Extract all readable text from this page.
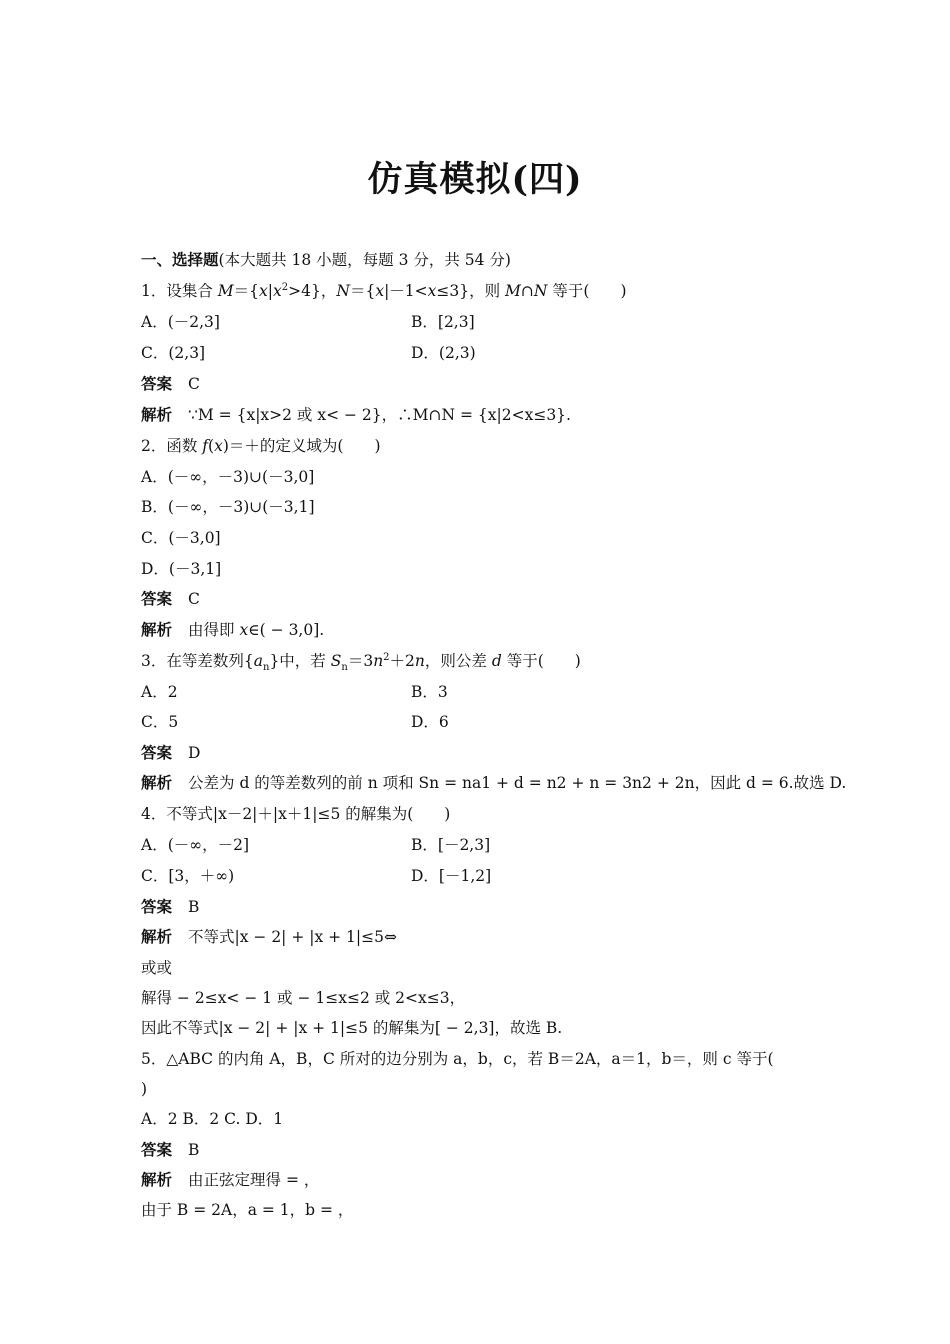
仿真模拟(四)
一、选择题(本大题共 18 小题，每题 3 分，共 54 分)
1．设集合 $M=\{x|x^2>4\}$，N＝{x|－1<x≤3}，则 M∩N 等于(　　)
A．(－2,3]	B．[2,3]
C．(2,3]	D．(2,3)
答案 C
解析 ∵M = {x|x>2 或 x< − 2}，∴M∩N = {x|2<x≤3}.
2．函数 f(x)＝＋的定义域为(　　)
A．(－∞，－3)∪(－3,0]
B．(－∞，－3)∪(－3,1]
C．(－3,0]
D．(－3,1]
答案 C
解析 由得即 x∈( − 3,0].
3．在等差数列$\{a_n\}$中，若 $S_n=3n^2+2n$，则公差 d 等于(　　)
A．2	B．3
C．5	D．6
答案 D
解析 公差为 d 的等差数列的前 n 项和 Sn = na1 + d = n2 + n = 3n2 + 2n，因此 d = 6.故选 D.
4．不等式|x－2|＋|x＋1|≤5 的解集为(　　)
A．(－∞，－2]	B．[－2,3]
C．[3，＋∞)	D．[－1,2]
答案 B
解析 不等式|x − 2| + |x + 1|≤5⇔
或或
解得 − 2≤x< − 1 或 − 1≤x≤2 或 2<x≤3，
因此不等式|x − 2| + |x + 1|≤5 的解集为[ − 2,3]，故选 B.
5．△ABC 的内角 A，B，C 所对的边分别为 a，b，c，若 B＝2A，a＝1，b＝，则 c 等于(
)
A．2 B．2 C. D．1
答案 B
解析 由正弦定理得 = ，
由于 B = 2A，a = 1，b = ，
